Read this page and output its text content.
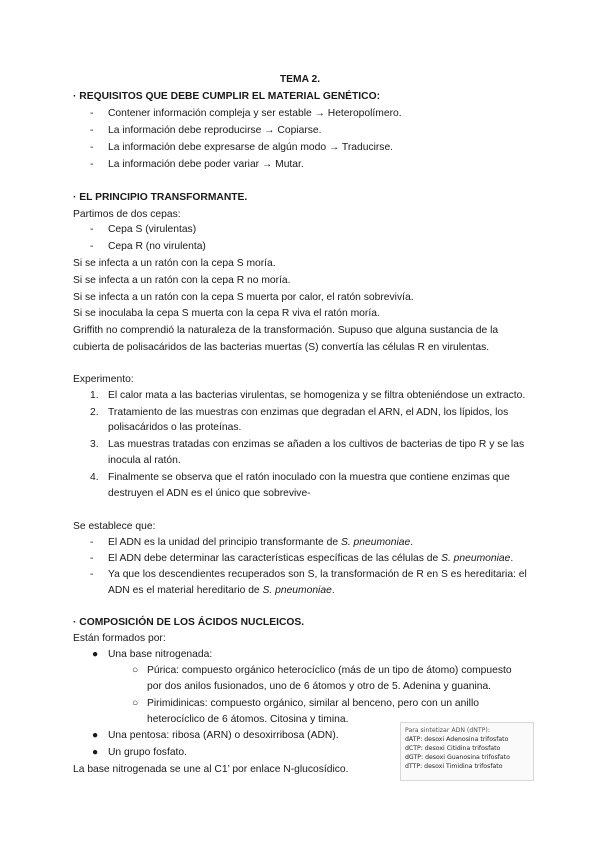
TEMA 2.
· REQUISITOS QUE DEBE CUMPLIR EL MATERIAL GENÉTICO:
- Contener información compleja y ser estable → Heteropolímero.
- La información debe reproducirse → Copiarse.
- La información debe expresarse de algún modo → Traducirse.
- La información debe poder variar → Mutar.
· EL PRINCIPIO TRANSFORMANTE.
Partimos de dos cepas:
- Cepa S (virulentas)
- Cepa R (no virulenta)
Si se infecta a un ratón con la cepa S moría.
Si se infecta a un ratón con la cepa R no moría.
Si se infecta a un ratón con la cepa S muerta por calor, el ratón sobrevivía.
Si se inoculaba la cepa S muerta con la cepa R viva el ratón moría.
Griffith no comprendió la naturaleza de la transformación. Supuso que alguna sustancia de la
cubierta de polisacáridos de las bacterias muertas (S) convertía las células R en virulentas.
Experimento:
1. El calor mata a las bacterias virulentas, se homogeniza y se filtra obteniéndose un extracto.
2. Tratamiento de las muestras con enzimas que degradan el ARN, el ADN, los lípidos, los
polisacáridos o las proteínas.
3. Las muestras tratadas con enzimas se añaden a los cultivos de bacterias de tipo R y se las
inocula al ratón.
4. Finalmente se observa que el ratón inoculado con la muestra que contiene enzimas que
destruyen el ADN es el único que sobrevive-
Se establece que:
- El ADN es la unidad del principio transformante de S. pneumoniae.
- El ADN debe determinar las características específicas de las células de S. pneumoniae.
- Ya que los descendientes recuperados son S, la transformación de R en S es hereditaria: el
ADN es el material hereditario de S. pneumoniae.
· COMPOSICIÓN DE LOS ÁCIDOS NUCLEICOS.
Están formados por:
● Una base nitrogenada:
○ Púrica: compuesto orgánico heterocíclico (más de un tipo de átomo) compuesto
por dos anilos fusionados, uno de 6 átomos y otro de 5. Adenina y guanina.
○ Pirimidinicas: compuesto orgánico, similar al benceno, pero con un anillo
heterocíclico de 6 átomos. Citosina y timina.
● Una pentosa: ribosa (ARN) o desoxirribosa (ADN).
● Un grupo fosfato.
La base nitrogenada se une al C1’ por enlace N-glucosídico.
Para sintetizar ADN (dNTP):
dATP: desoxi Adenosina trifosfato
dCTP: desoxi Citidina trifosfato
dGTP: desoxi Guanosina trifosfato
dTTP: desoxi Timidina trifosfato
